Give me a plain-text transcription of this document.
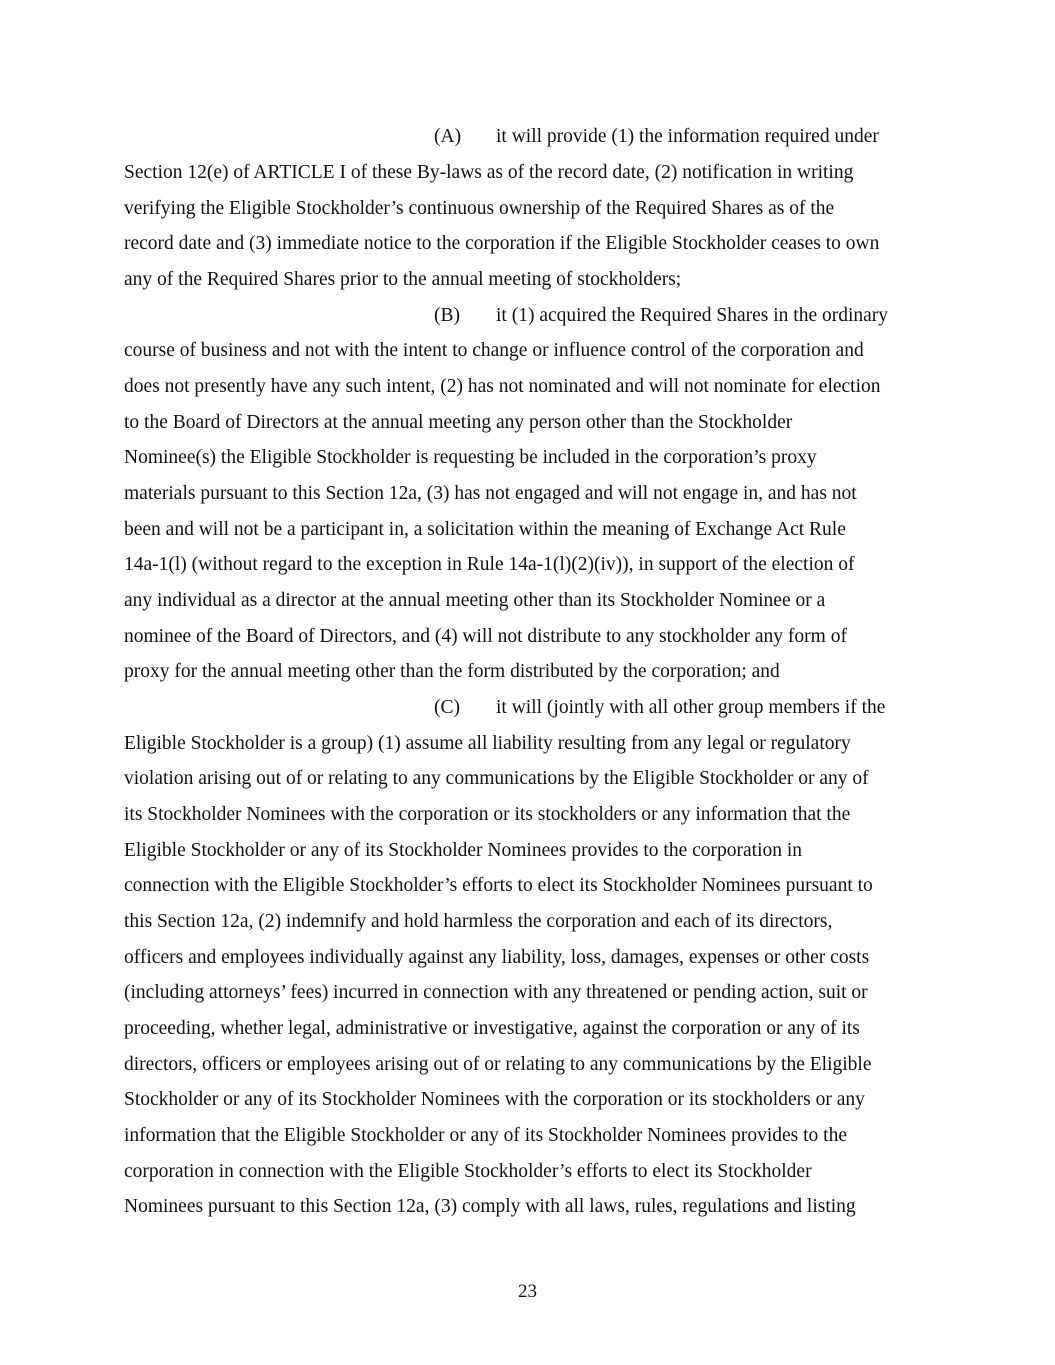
(A) it will provide (1) the information required under
Section 12(e) of ARTICLE I of these By-laws as of the record date, (2) notification in writing
verifying the Eligible Stockholder’s continuous ownership of the Required Shares as of the
record date and (3) immediate notice to the corporation if the Eligible Stockholder ceases to own
any of the Required Shares prior to the annual meeting of stockholders;
(B) it (1) acquired the Required Shares in the ordinary
course of business and not with the intent to change or influence control of the corporation and
does not presently have any such intent, (2) has not nominated and will not nominate for election
to the Board of Directors at the annual meeting any person other than the Stockholder
Nominee(s) the Eligible Stockholder is requesting be included in the corporation’s proxy
materials pursuant to this Section 12a, (3) has not engaged and will not engage in, and has not
been and will not be a participant in, a solicitation within the meaning of Exchange Act Rule
14a-1(l) (without regard to the exception in Rule 14a-1(l)(2)(iv)), in support of the election of
any individual as a director at the annual meeting other than its Stockholder Nominee or a
nominee of the Board of Directors, and (4) will not distribute to any stockholder any form of
proxy for the annual meeting other than the form distributed by the corporation; and
(C) it will (jointly with all other group members if the
Eligible Stockholder is a group) (1) assume all liability resulting from any legal or regulatory
violation arising out of or relating to any communications by the Eligible Stockholder or any of
its Stockholder Nominees with the corporation or its stockholders or any information that the
Eligible Stockholder or any of its Stockholder Nominees provides to the corporation in
connection with the Eligible Stockholder’s efforts to elect its Stockholder Nominees pursuant to
this Section 12a, (2) indemnify and hold harmless the corporation and each of its directors,
officers and employees individually against any liability, loss, damages, expenses or other costs
(including attorneys’ fees) incurred in connection with any threatened or pending action, suit or
proceeding, whether legal, administrative or investigative, against the corporation or any of its
directors, officers or employees arising out of or relating to any communications by the Eligible
Stockholder or any of its Stockholder Nominees with the corporation or its stockholders or any
information that the Eligible Stockholder or any of its Stockholder Nominees provides to the
corporation in connection with the Eligible Stockholder’s efforts to elect its Stockholder
Nominees pursuant to this Section 12a, (3) comply with all laws, rules, regulations and listing
23
